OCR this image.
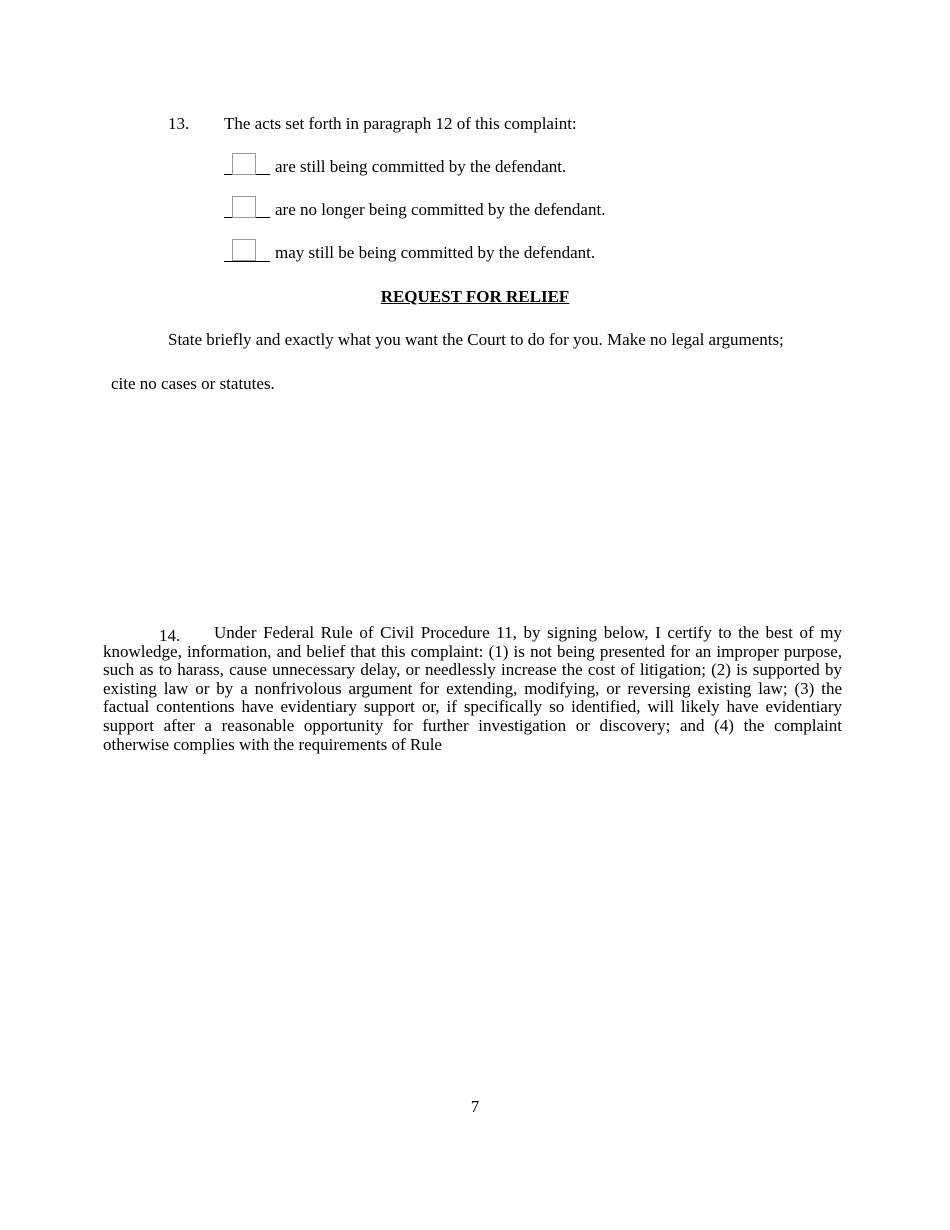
13. The acts set forth in paragraph 12 of this complaint:
are still being committed by the defendant.
are no longer being committed by the defendant.
may still be being committed by the defendant.
REQUEST FOR RELIEF
State briefly and exactly what you want the Court to do for you. Make no legal arguments;
cite no cases or statutes.
14. Under Federal Rule of Civil Procedure 11, by signing below, I certify to the best of my knowledge, information, and belief that this complaint: (1) is not being presented for an improper purpose, such as to harass, cause unnecessary delay, or needlessly increase the cost of litigation; (2) is supported by existing law or by a nonfrivolous argument for extending, modifying, or reversing existing law; (3) the factual contentions have evidentiary support or, if specifically so identified, will likely have evidentiary support after a reasonable opportunity for further investigation or discovery; and (4) the complaint otherwise complies with the requirements of Rule
7
